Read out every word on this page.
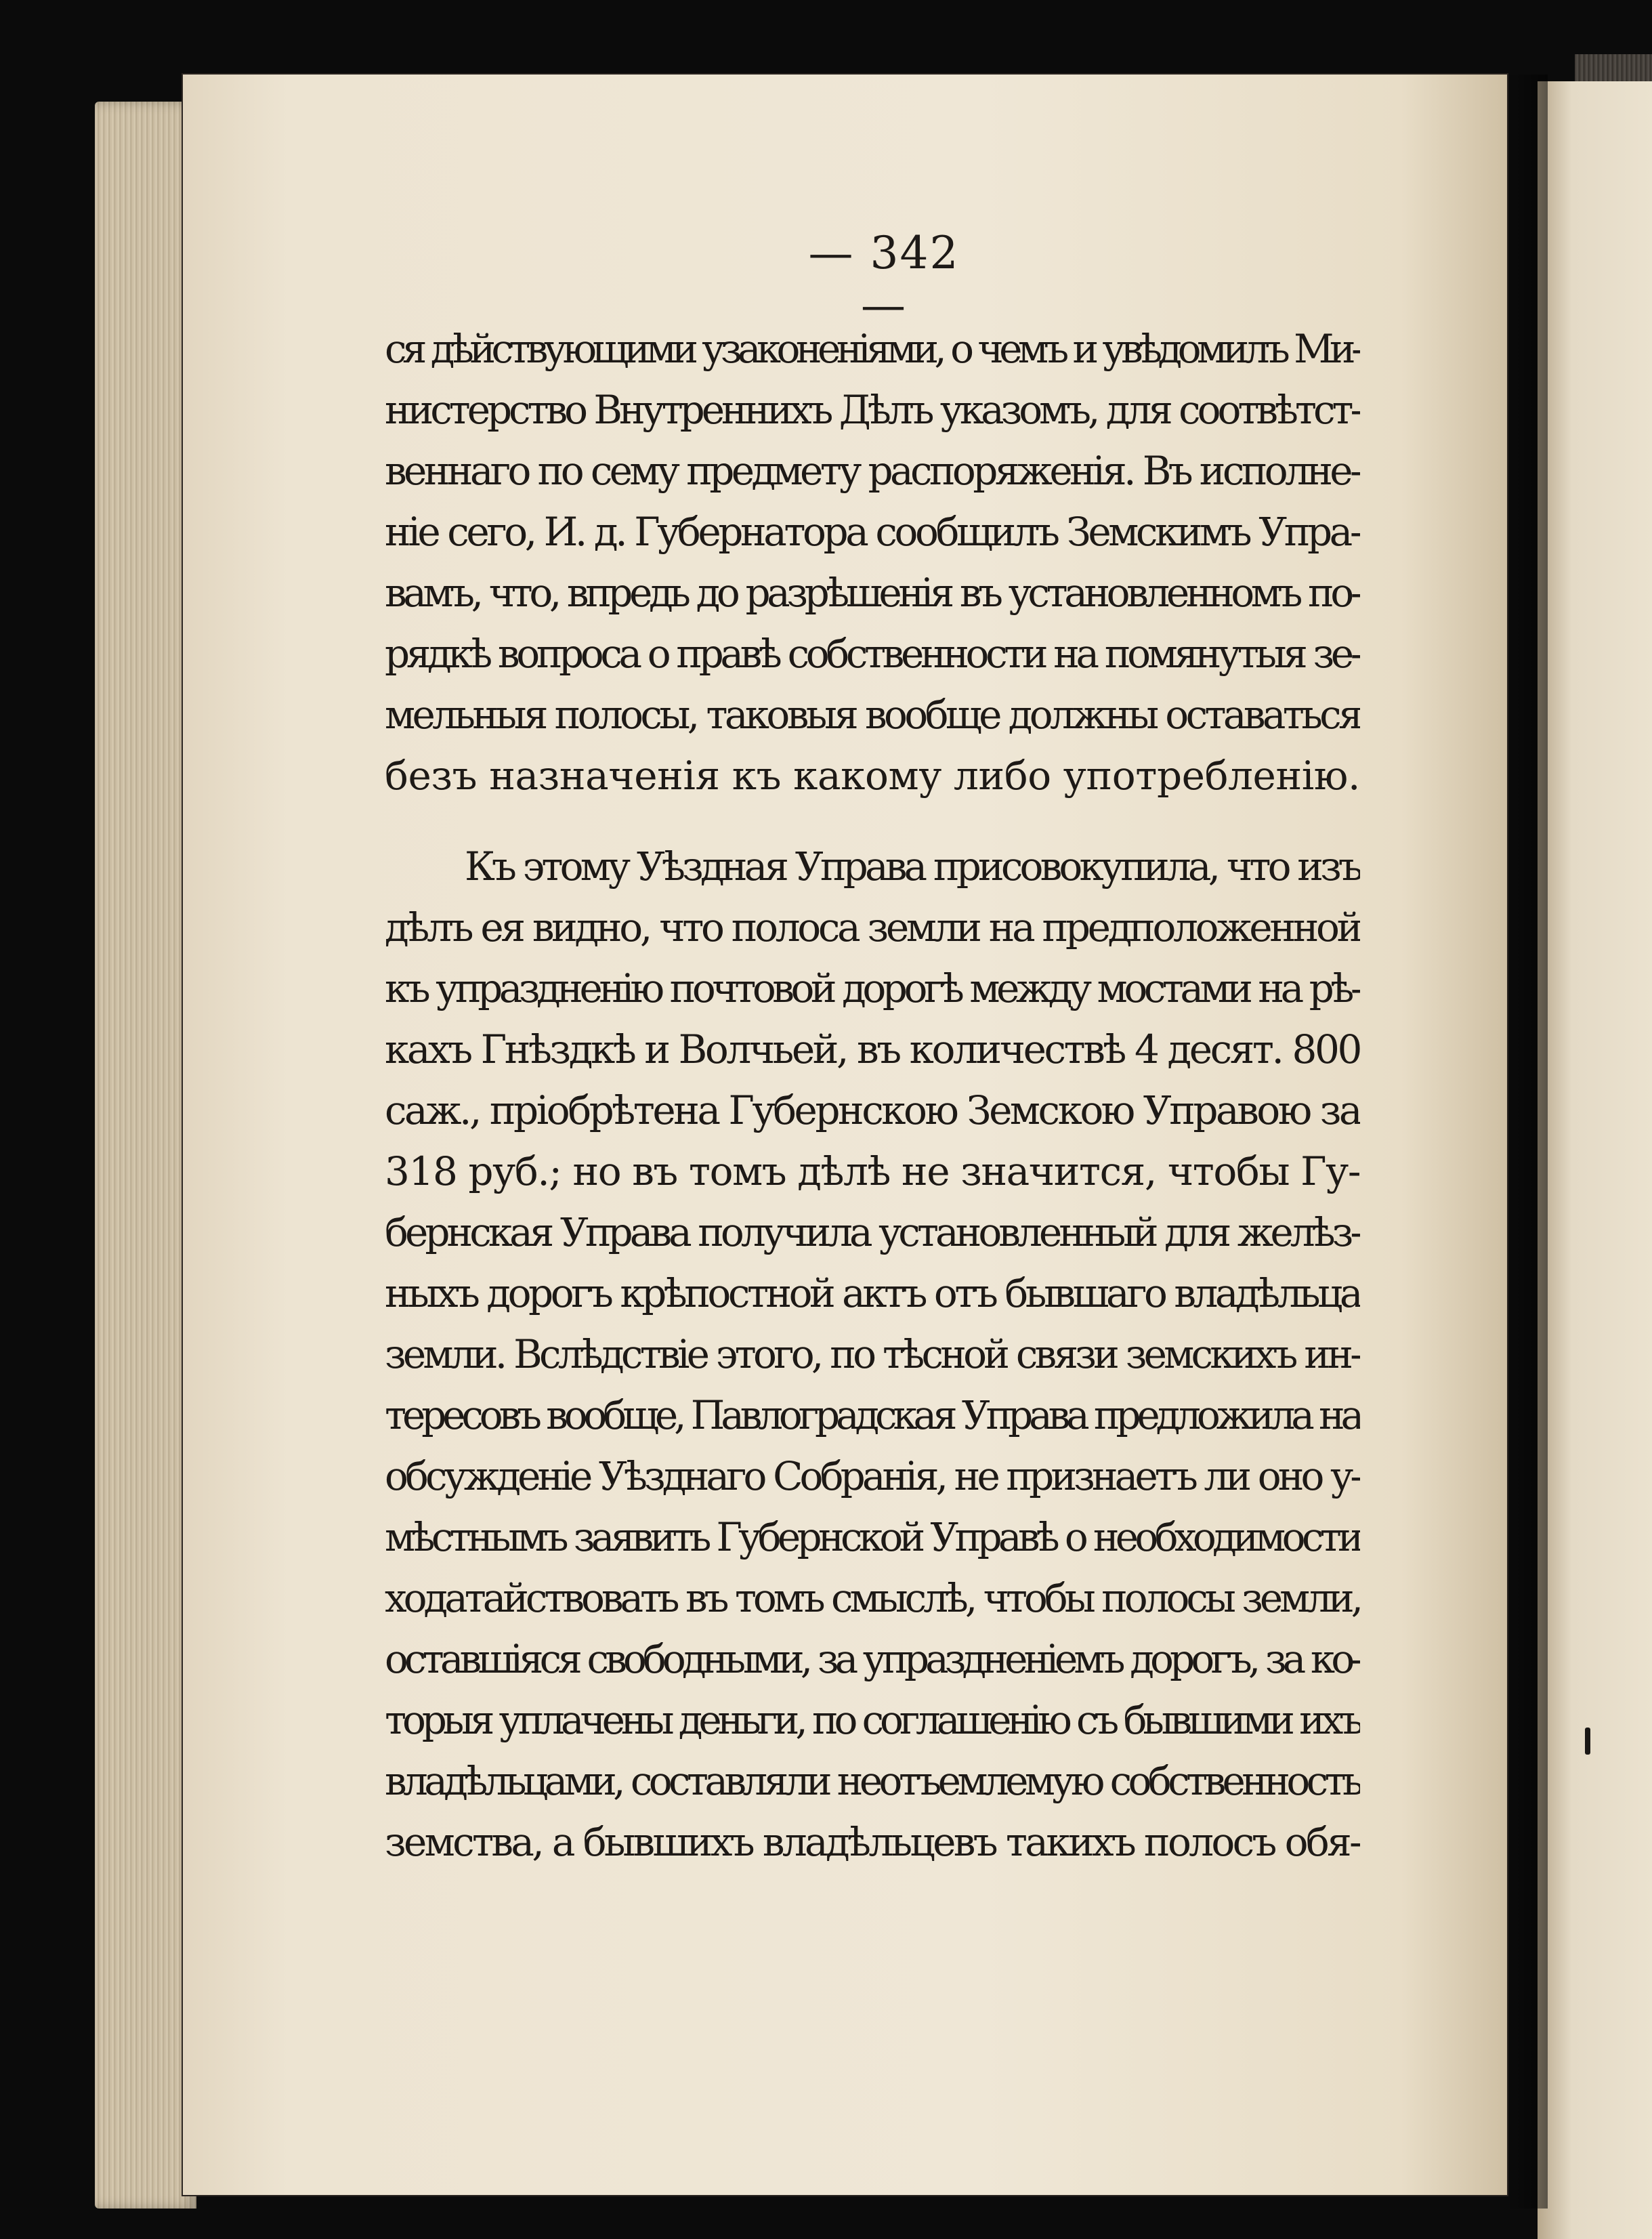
— 342 —
ся дѣйствующими узаконеніями, о чемъ и увѣдомилъ Ми-
нистерство Внутреннихъ Дѣлъ указомъ, для соотвѣтст-
веннаго по сему предмету распоряженія. Въ исполне-
ніе сего, И. д. Губернатора сообщилъ Земскимъ Упра-
вамъ, что, впредь до разрѣшенія въ установленномъ по-
рядкѣ вопроса о правѣ собственности на помянутыя зе-
мельныя полосы, таковыя вообще должны оставаться
безъ назначенія къ какому либо употребленію.
Къ этому Уѣздная Управа присовокупила, что изъ
дѣлъ ея видно, что полоса земли на предположенной
къ упраздненію почтовой дорогѣ между мостами на рѣ-
кахъ Гнѣздкѣ и Волчьей, въ количествѣ 4 десят. 800
саж., пріобрѣтена Губернскою Земскою Управою за
318 руб.; но въ томъ дѣлѣ не значится, чтобы Гу-
бернская Управа получила установленный для желѣз-
ныхъ дорогъ крѣпостной актъ отъ бывшаго владѣльца
земли. Вслѣдствіе этого, по тѣсной связи земскихъ ин-
тересовъ вообще, Павлоградская Управа предложила на
обсужденіе Уѣзднаго Собранія, не признаетъ ли оно у-
мѣстнымъ заявить Губернской Управѣ о необходимости
ходатайствовать въ томъ смыслѣ, чтобы полосы земли,
оставшіяся свободными, за упраздненіемъ дорогъ, за ко-
торыя уплачены деньги, по соглашенію съ бывшими ихъ
владѣльцами, составляли неотъемлемую собственность
земства, а бывшихъ владѣльцевъ такихъ полосъ обя-
